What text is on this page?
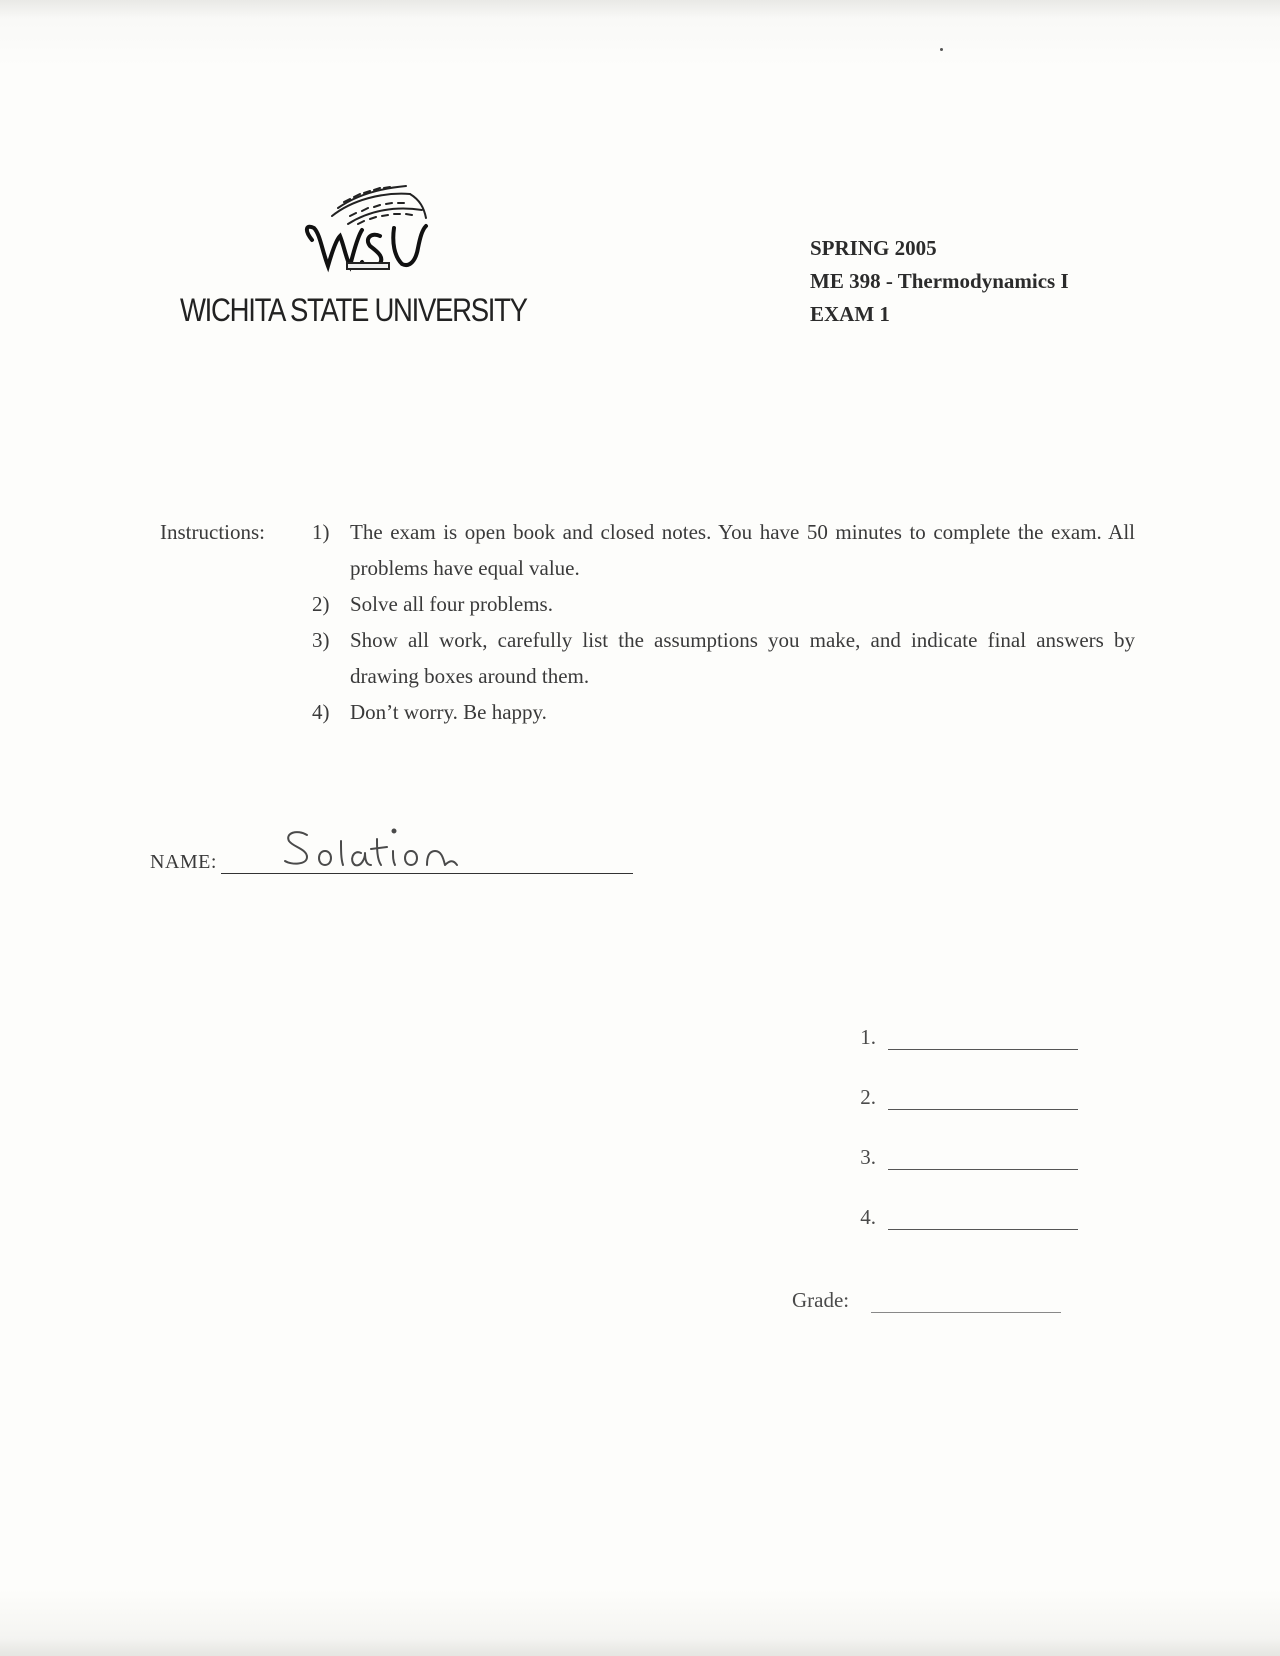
WICHITA STATE UNIVERSITY
SPRING 2005
ME 398 - Thermodynamics I
EXAM 1
Instructions:	1) The exam is open book and closed notes. You have 50 minutes to complete the exam. All problems have equal value.
2) Solve all four problems.
3) Show all work, carefully list the assumptions you make, and indicate final answers by drawing boxes around them.
4) Don’t worry. Be happy.
NAME:
1.
2.
3.
4.
Grade:
